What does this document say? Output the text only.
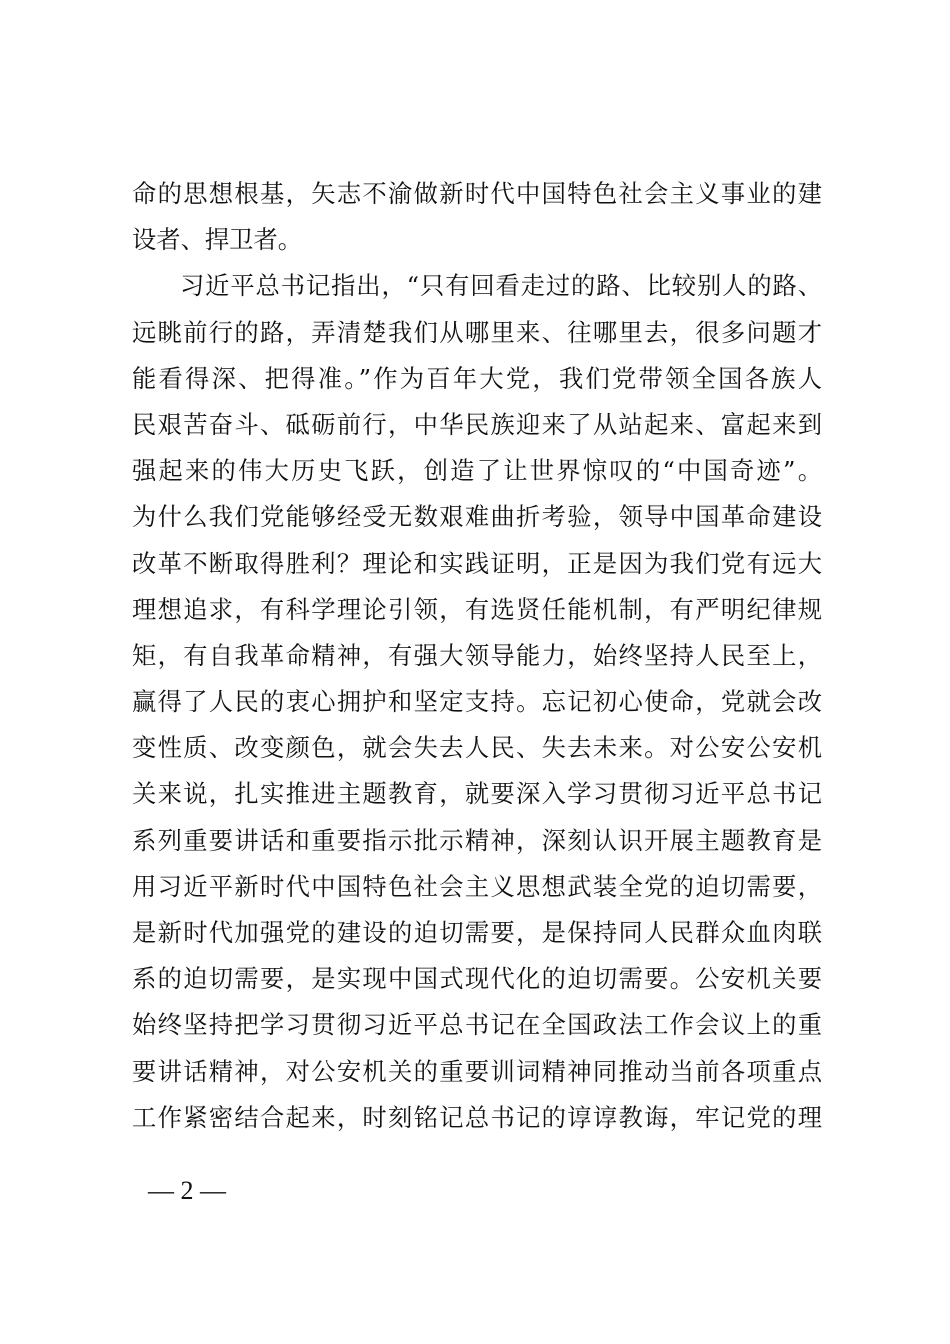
命的思想根基，矢志不渝做新时代中国特色社会主义事业的建
设者、捍卫者。
习近平总书记指出，“只有回看走过的路、比较别人的路、
远眺前行的路，弄清楚我们从哪里来、往哪里去，很多问题才
能看得深、把得准。”作为百年大党，我们党带领全国各族人
民艰苦奋斗、砥砺前行，中华民族迎来了从站起来、富起来到
强起来的伟大历史飞跃，创造了让世界惊叹的“中国奇迹”。
为什么我们党能够经受无数艰难曲折考验，领导中国革命建设
改革不断取得胜利？理论和实践证明，正是因为我们党有远大
理想追求，有科学理论引领，有选贤任能机制，有严明纪律规
矩，有自我革命精神，有强大领导能力，始终坚持人民至上，
赢得了人民的衷心拥护和坚定支持。忘记初心使命，党就会改
变性质、改变颜色，就会失去人民、失去未来。对公安公安机
关来说，扎实推进主题教育，就要深入学习贯彻习近平总书记
系列重要讲话和重要指示批示精神，深刻认识开展主题教育是
用习近平新时代中国特色社会主义思想武装全党的迫切需要，
是新时代加强党的建设的迫切需要，是保持同人民群众血肉联
系的迫切需要，是实现中国式现代化的迫切需要。公安机关要
始终坚持把学习贯彻习近平总书记在全国政法工作会议上的重
要讲话精神，对公安机关的重要训词精神同推动当前各项重点
工作紧密结合起来，时刻铭记总书记的谆谆教诲，牢记党的理
— 2 —
